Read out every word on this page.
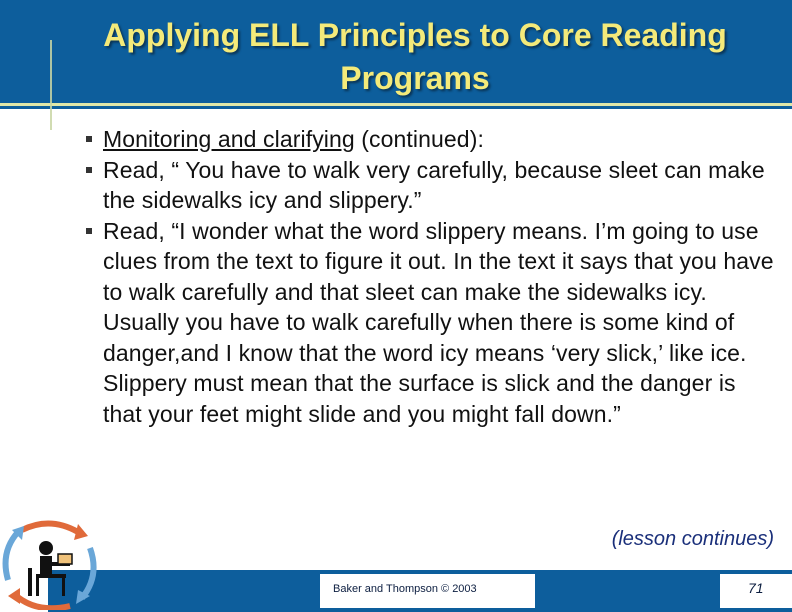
Applying ELL Principles to Core Reading Programs
Monitoring and clarifying (continued):
Read, “ You have to walk very carefully, because sleet can make the sidewalks icy and slippery.”
Read, “I wonder what the word slippery means. I’m going to use clues from the text to figure it out. In the text it says that you have to walk carefully and that sleet can make the sidewalks icy. Usually you have to walk carefully when there is some kind of danger,and I know that the word icy means ‘very slick,’ like ice. Slippery must mean that the surface is slick and the danger is that your feet might slide and you might fall down.”
(lesson continues)
Baker and Thompson © 2003	71
